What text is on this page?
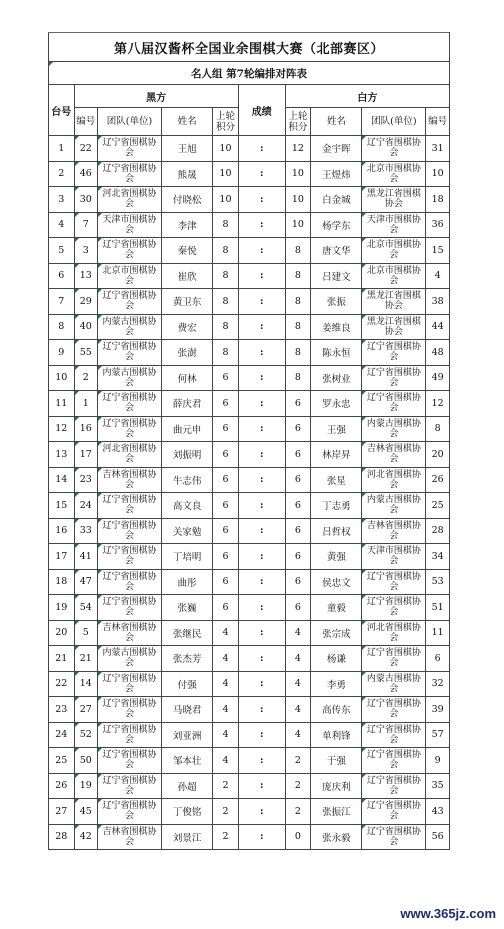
第八届汉酱杯全国业余围棋大赛（北部赛区）									
名人组 第7轮编排对阵表									
台号	黑方				成绩	白方			
	编号	团队(单位)	姓名	上轮积分		上轮积分	姓名	团队(单位)	编号
1	22	辽宁省围棋协会	王旭	10	:	12	金宇晖	辽宁省围棋协会	31
2	46	辽宁省围棋协会	熊晟	10	:	10	王煜炜	北京市围棋协会	10
3	30	河北省围棋协会	付晓松	10	:	10	白金城	黑龙江省围棋协会	18
4	7	天津市围棋协会	李津	8	:	10	杨学东	天津市围棋协会	36
5	3	辽宁省围棋协会	秦悦	8	:	8	唐文华	北京市围棋协会	15
6	13	北京市围棋协会	崔欣	8	:	8	吕建文	北京市围棋协会	4
7	29	辽宁省围棋协会	黄卫东	8	:	8	张振	黑龙江省围棋协会	38
8	40	内蒙古围棋协会	费宏	8	:	8	姜维良	黑龙江省围棋协会	44
9	55	辽宁省围棋协会	张澍	8	:	8	陈永恒	辽宁省围棋协会	48
10	2	内蒙古围棋协会	何林	6	:	8	张树业	辽宁省围棋协会	49
11	1	辽宁省围棋协会	薛庆君	6	:	6	罗永忠	辽宁省围棋协会	12
12	16	辽宁省围棋协会	曲元申	6	:	6	王强	内蒙古围棋协会	8
13	17	河北省围棋协会	刘振明	6	:	6	林岸昇	吉林省围棋协会	20
14	23	吉林省围棋协会	牛志伟	6	:	6	张星	河北省围棋协会	26
15	24	辽宁省围棋协会	高文良	6	:	6	丁志勇	内蒙古围棋协会	25
16	33	辽宁省围棋协会	关家勉	6	:	6	吕哲权	吉林省围棋协会	28
17	41	辽宁省围棋协会	丁培明	6	:	6	黄强	天津市围棋协会	34
18	47	辽宁省围棋协会	曲彤	6	:	6	侯忠文	辽宁省围棋协会	53
19	54	辽宁省围棋协会	张巍	6	:	6	童毅	辽宁省围棋协会	51
20	5	吉林省围棋协会	张继民	4	:	4	张宗成	河北省围棋协会	11
21	21	内蒙古围棋协会	张杰芳	4	:	4	杨谦	辽宁省围棋协会	6
22	14	辽宁省围棋协会	付强	4	:	4	李勇	内蒙古围棋协会	32
23	27	辽宁省围棋协会	马晓君	4	:	4	高传东	辽宁省围棋协会	39
24	52	辽宁省围棋协会	刘亚洲	4	:	4	单利锋	辽宁省围棋协会	57
25	50	辽宁省围棋协会	邹本壮	4	:	2	于强	辽宁省围棋协会	9
26	19	辽宁省围棋协会	孙超	2	:	2	庞庆利	辽宁省围棋协会	35
27	45	辽宁省围棋协会	丁俊铭	2	:	2	张振江	辽宁省围棋协会	43
28	42	吉林省围棋协会	刘景江	2	:	0	张永毅	辽宁省围棋协会	56
www.365jz.com
